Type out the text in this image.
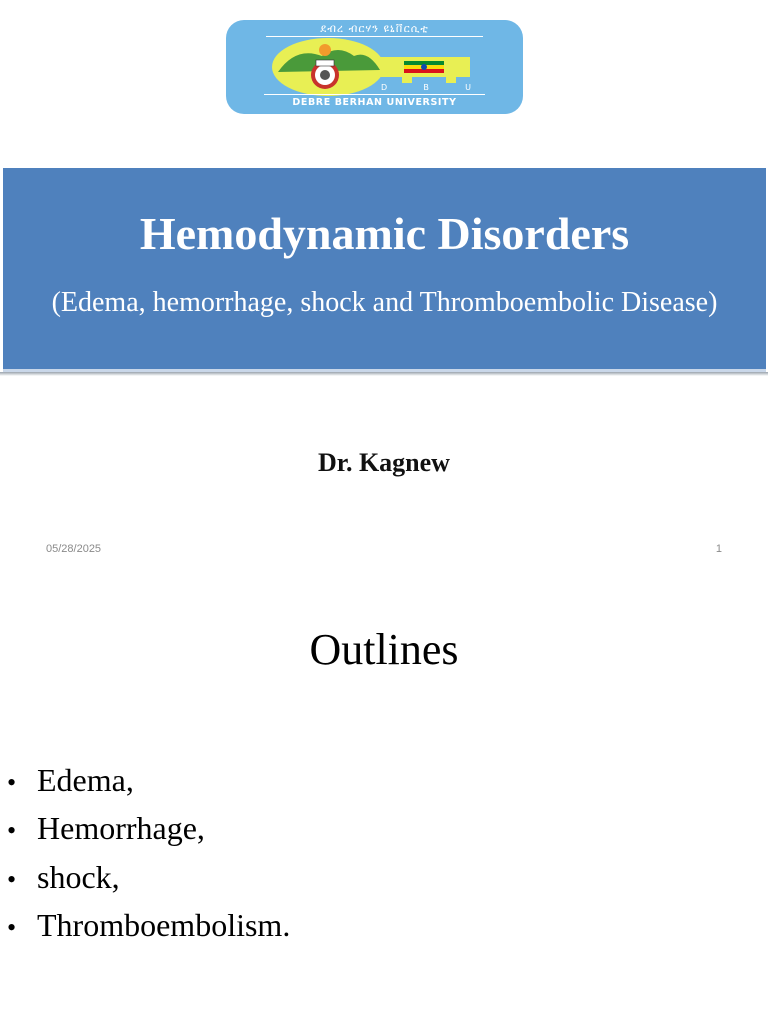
ደብረ ብርሃን ዩኒቨርሲቲ
D	B	U
DEBRE BERHAN UNIVERSITY
Hemodynamic Disorders
(Edema, hemorrhage, shock and Thromboembolic Disease)
Dr. Kagnew
05/28/2025	1
Outlines
• Edema,
• Hemorrhage,
• shock,
• Thromboembolism.
